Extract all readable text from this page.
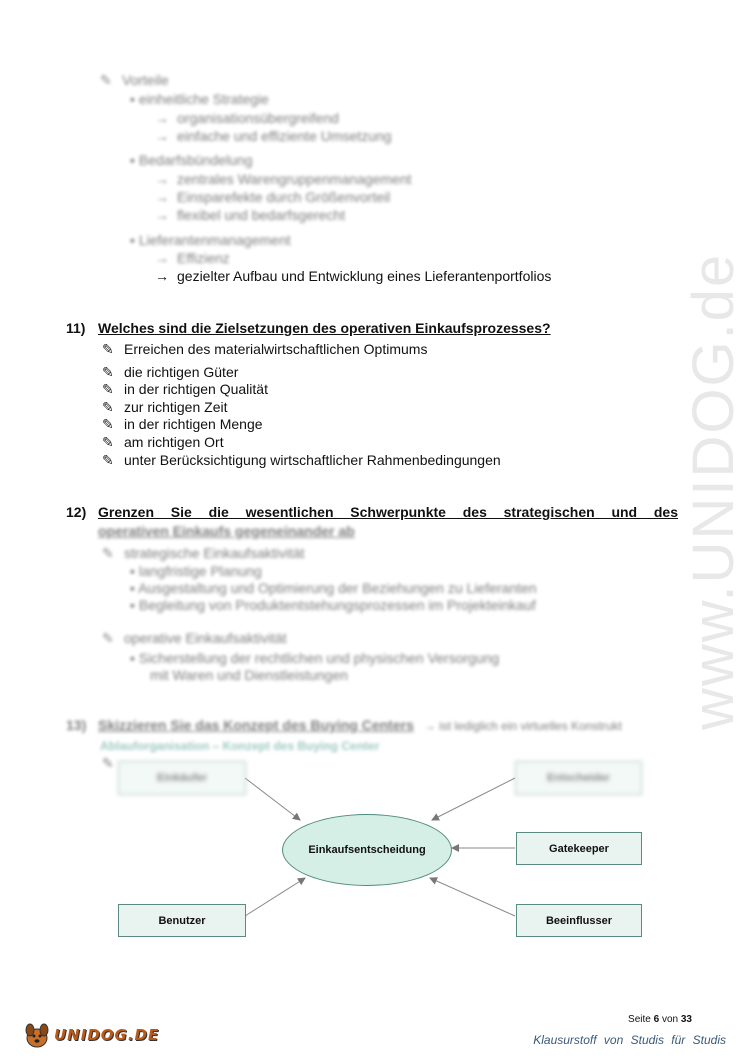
www.UNIDOG.de
✎ Vorteile
▪ einheitliche Strategie
→ organisationsübergreifend
→ einfache und effiziente Umsetzung
▪ Bedarfsbündelung
→ zentrales Warengruppenmanagement
→ Einsparefekte durch Größenvorteil
→ flexibel und bedarfsgerecht
▪ Lieferantenmanagement
→ Effizienz
→ gezielter Aufbau und Entwicklung eines Lieferantenportfolios
11) Welches sind die Zielsetzungen des operativen Einkaufsprozesses?
✎ Erreichen des materialwirtschaftlichen Optimums
✎ die richtigen Güter
✎ in der richtigen Qualität
✎ zur richtigen Zeit
✎ in der richtigen Menge
✎ am richtigen Ort
✎ unter Berücksichtigung wirtschaftlicher Rahmenbedingungen
12) Grenzen Sie die wesentlichen Schwerpunkte des strategischen und des
operativen Einkaufs gegeneinander ab
✎ strategische Einkaufsaktivität
▪ langfristige Planung
▪ Ausgestaltung und Optimierung der Beziehungen zu Lieferanten
▪ Begleitung von Produktentstehungsprozessen im Projekteinkauf
✎ operative Einkaufsaktivität
▪ Sicherstellung der rechtlichen und physischen Versorgung
mit Waren und Dienstleistungen
13) Skizzieren Sie das Konzept des Buying Centers → ist lediglich ein virtuelles Konstrukt
Ablauforganisation – Konzept des Buying Center
✎
Einkäufer	Entscheider
Gatekeeper
Benutzer	Beeinflusser
Einkaufsentscheidung
Seite 6 von 33
UNIDOG.DE	Klausurstoff von Studis für Studis
